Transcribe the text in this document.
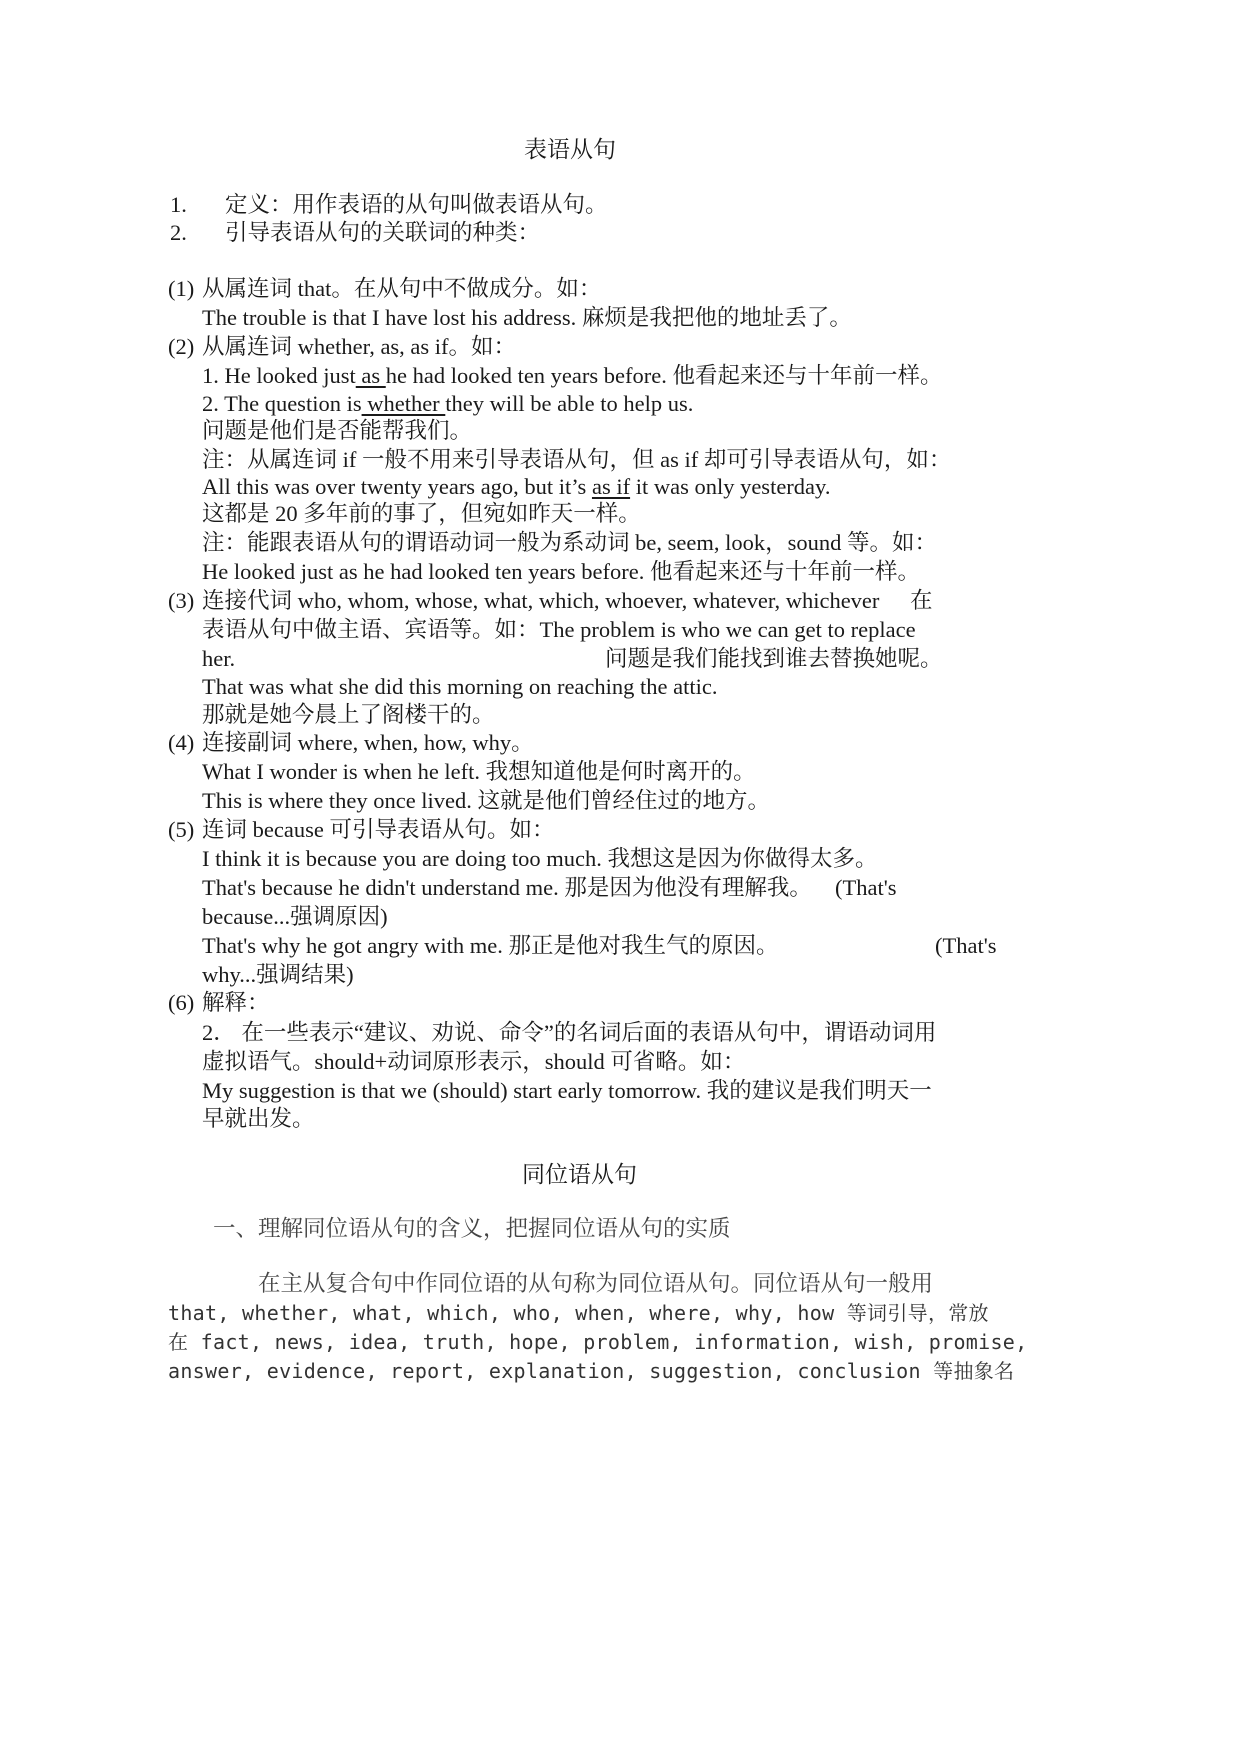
表语从句
1. 定义：用作表语的从句叫做表语从句。
2. 引导表语从句的关联词的种类：
(1) 从属连词 that。在从句中不做成分。如：
The trouble is that I have lost his address. 麻烦是我把他的地址丢了。
(2) 从属连词 whether, as, as if。如：
1. He looked just as he had looked ten years before. 他看起来还与十年前一样。
2. The question is whether they will be able to help us.
问题是他们是否能帮我们。
注：从属连词 if 一般不用来引导表语从句，但 as if 却可引导表语从句，如：
All this was over twenty years ago, but it’s as if it was only yesterday.
这都是 20 多年前的事了，但宛如昨天一样。
注：能跟表语从句的谓语动词一般为系动词 be, seem, look，sound 等。如：
He looked just as he had looked ten years before. 他看起来还与十年前一样。
(3) 连接代词 who, whom, whose, what, which, whoever, whatever, whichever 在
表语从句中做主语、宾语等。如：The problem is who we can get to replace
her.	问题是我们能找到谁去替换她呢。
That was what she did this morning on reaching the attic.
那就是她今晨上了阁楼干的。
(4) 连接副词 where, when, how, why。
What I wonder is when he left. 我想知道他是何时离开的。
This is where they once lived. 这就是他们曾经住过的地方。
(5) 连词 because 可引导表语从句。如：
I think it is because you are doing too much. 我想这是因为你做得太多。
That's because he didn't understand me. 那是因为他没有理解我。 (That's
because...强调原因)
That's why he got angry with me. 那正是他对我生气的原因。	(That's
why...强调结果)
(6) 解释：
2． 在一些表示“建议、劝说、命令”的名词后面的表语从句中，谓语动词用
虚拟语气。should+动词原形表示，should 可省略。如：
My suggestion is that we (should) start early tomorrow. 我的建议是我们明天一
早就出发。
同位语从句
一、理解同位语从句的含义，把握同位语从句的实质
在主从复合句中作同位语的从句称为同位语从句。同位语从句一般用
that, whether, what, which, who, when, where, why, how 等词引导，常放
在 fact, news, idea, truth, hope, problem, information, wish, promise,
answer, evidence, report, explanation, suggestion, conclusion 等抽象名
